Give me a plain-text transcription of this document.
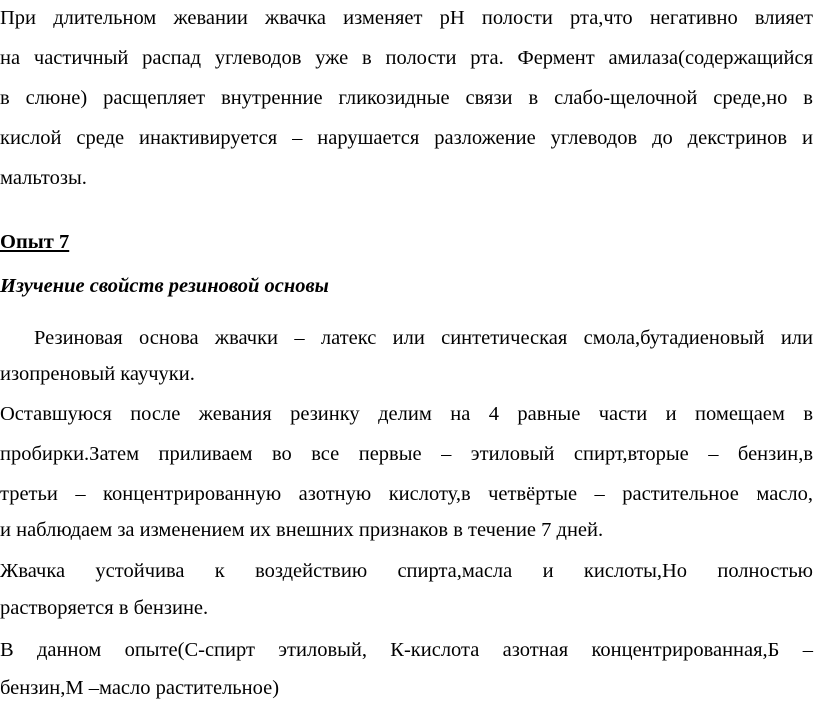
При длительном жевании жвачка изменяет рН полости рта,что негативно влияет
на частичный распад углеводов уже в полости рта. Фермент амилаза(содержащийся
в слюне) расщепляет внутренние гликозидные связи в слабо-щелочной среде,но в
кислой среде инактивируется – нарушается разложение углеводов до декстринов и
мальтозы.
Опыт 7
Изучение свойств резиновой основы
Резиновая основа жвачки – латекс или синтетическая смола,бутадиеновый или
изопреновый каучуки.
Оставшуюся после жевания резинку делим на 4 равные части и помещаем в
пробирки.Затем приливаем во все первые – этиловый спирт,вторые – бензин,в
третьи – концентрированную азотную кислоту,в четвёртые – растительное масло,
и наблюдаем за изменением их внешних признаков в течение 7 дней.
Жвачка устойчива к воздействию спирта,масла и кислоты,Но полностью
растворяется в бензине.
В данном опыте(С-спирт этиловый, К-кислота азотная концентрированная,Б –
бензин,М –масло растительное)
